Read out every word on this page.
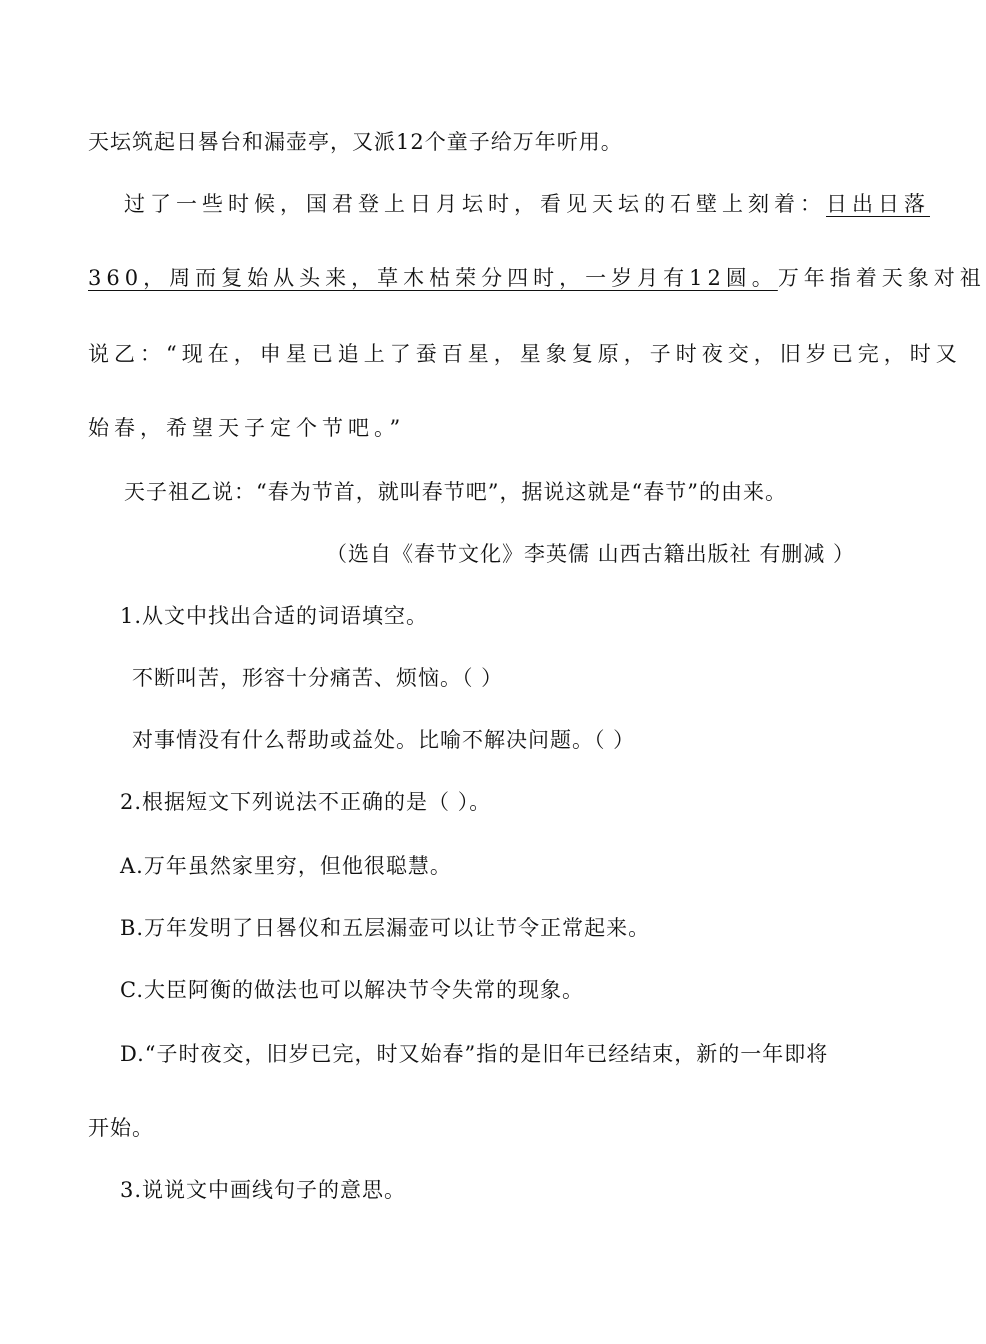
天坛筑起日晷台和漏壶亭，又派12个童子给万年听用。
过了一些时候，国君登上日月坛时，看见天坛的石壁上刻着：日出日落
360，周而复始从头来，草木枯荣分四时，一岁月有12圆。万年指着天象对祖
说乙：“现在，申星已追上了蚕百星，星象复原，子时夜交，旧岁已完，时又
始春，希望天子定个节吧。”
天子祖乙说：“春为节首，就叫春节吧”，据说这就是“春节”的由来。
（选自《春节文化》李英儒 山西古籍出版社 有删减 ）
1.从文中找出合适的词语填空。
不断叫苦，形容十分痛苦、烦恼。（ ）
对事情没有什么帮助或益处。比喻不解决问题。（ ）
2.根据短文下列说法不正确的是（ ）。
A.万年虽然家里穷，但他很聪慧。
B.万年发明了日晷仪和五层漏壶可以让节令正常起来。
C.大臣阿衡的做法也可以解决节令失常的现象。
D.“子时夜交，旧岁已完，时又始春”指的是旧年已经结束，新的一年即将
开始。
3.说说文中画线句子的意思。
